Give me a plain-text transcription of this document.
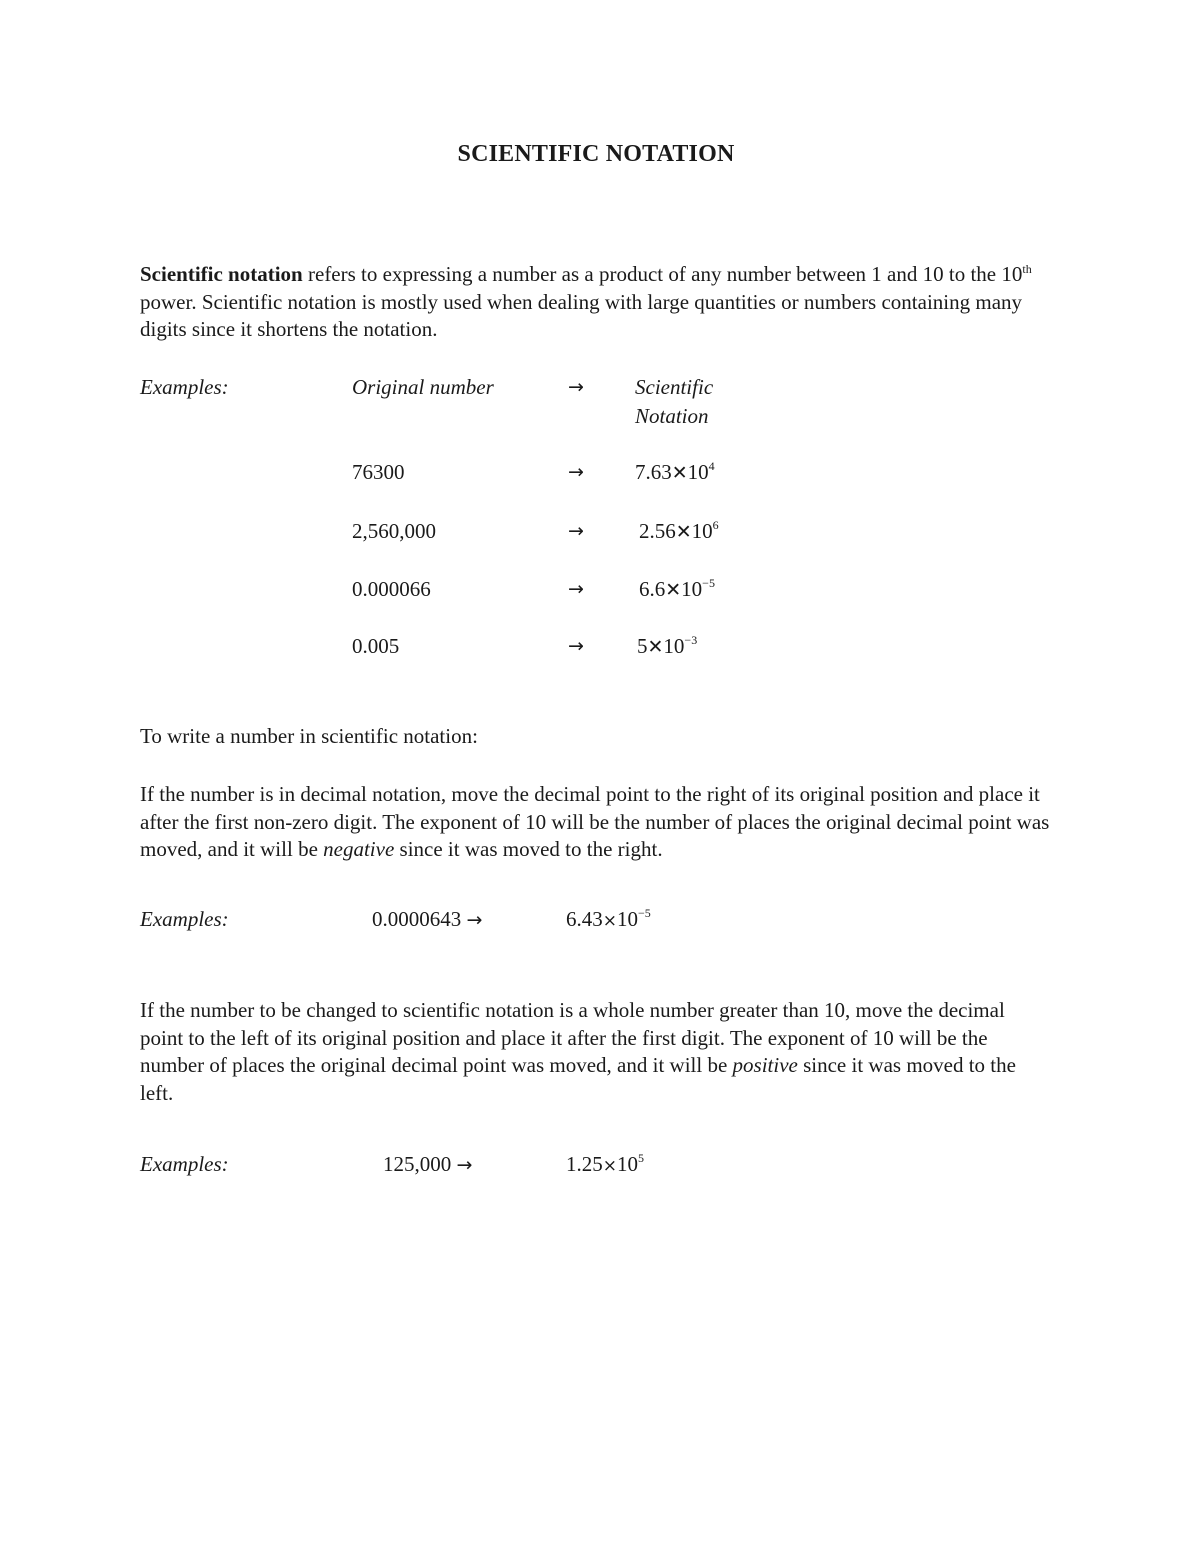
SCIENTIFIC NOTATION
Scientific notation refers to expressing a number as a product of any number between 1 and 10 to the 10th power. Scientific notation is mostly used when dealing with large quantities or numbers containing many digits since it shortens the notation.
Examples:	Original number	→ Scientific
Notation
76300	→ $7.63✕10^4$
2,560,000	→	$2.56✕10^6$
0.000066	→	$6.6✕10^{-5}$
0.005	→	$5✕10^{-3}$
To write a number in scientific notation:
If the number is in decimal notation, move the decimal point to the right of its original position and place it after the first non-zero digit. The exponent of 10 will be the number of places the original decimal point was moved, and it will be negative since it was moved to the right.
Examples:	0.0000643 →	$6.43\times 10^{-5}$
If the number to be changed to scientific notation is a whole number greater than 10, move the decimal point to the left of its original position and place it after the first digit. The exponent of 10 will be the number of places the original decimal point was moved, and it will be positive since it was moved to the left.
Examples:	125,000 →	$1.25\times 10^5$
